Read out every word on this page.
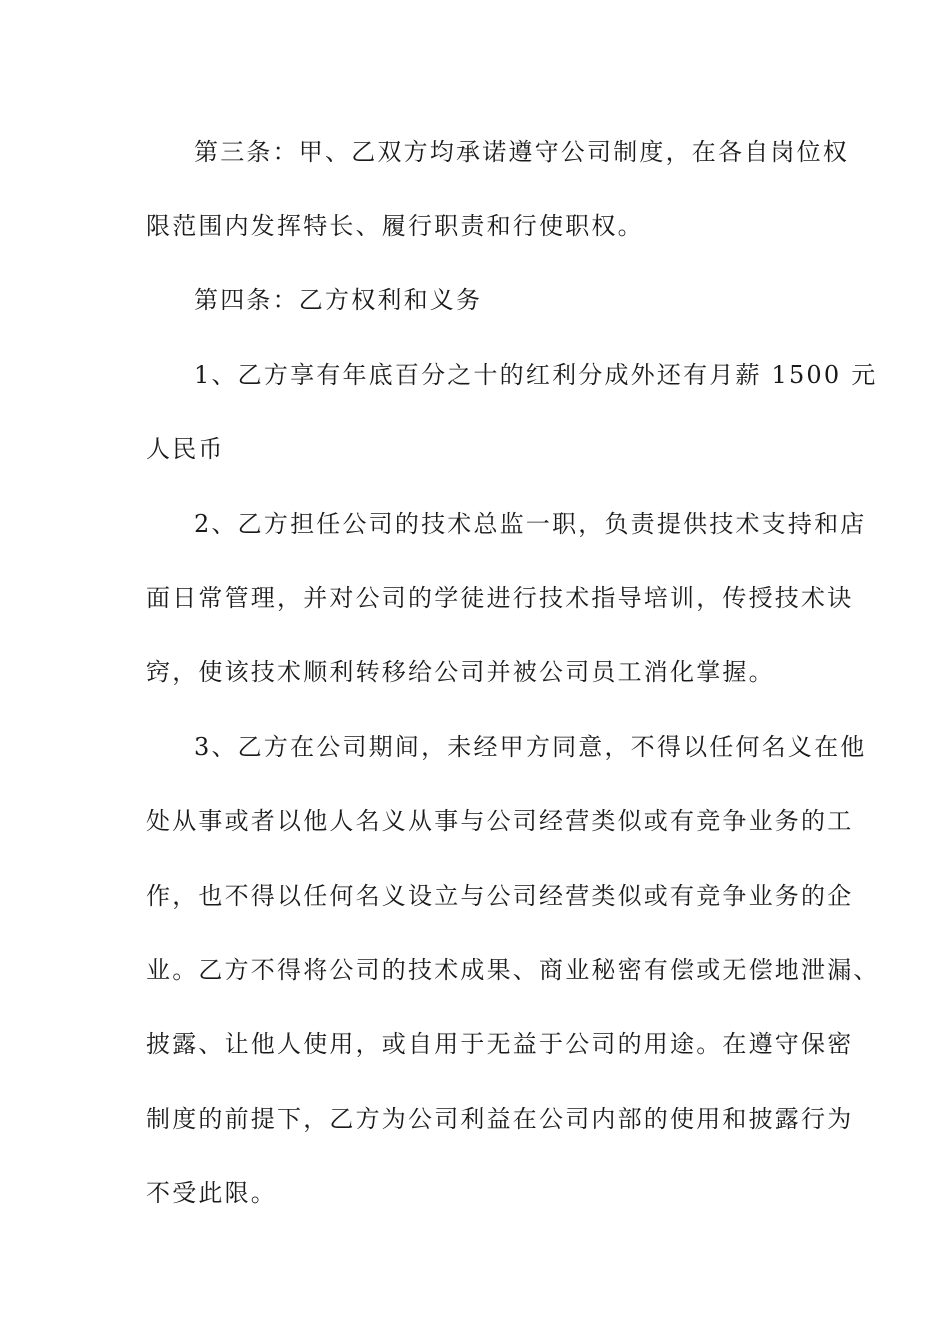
第三条：甲、乙双方均承诺遵守公司制度，在各自岗位权
限范围内发挥特长、履行职责和行使职权。
第四条：乙方权利和义务
1、乙方享有年底百分之十的红利分成外还有月薪 1500 元
人民币
2、乙方担任公司的技术总监一职，负责提供技术支持和店
面日常管理，并对公司的学徒进行技术指导培训，传授技术诀
窍，使该技术顺利转移给公司并被公司员工消化掌握。
3、乙方在公司期间，未经甲方同意，不得以任何名义在他
处从事或者以他人名义从事与公司经营类似或有竞争业务的工
作，也不得以任何名义设立与公司经营类似或有竞争业务的企
业。乙方不得将公司的技术成果、商业秘密有偿或无偿地泄漏、
披露、让他人使用，或自用于无益于公司的用途。在遵守保密
制度的前提下，乙方为公司利益在公司内部的使用和披露行为
不受此限。
